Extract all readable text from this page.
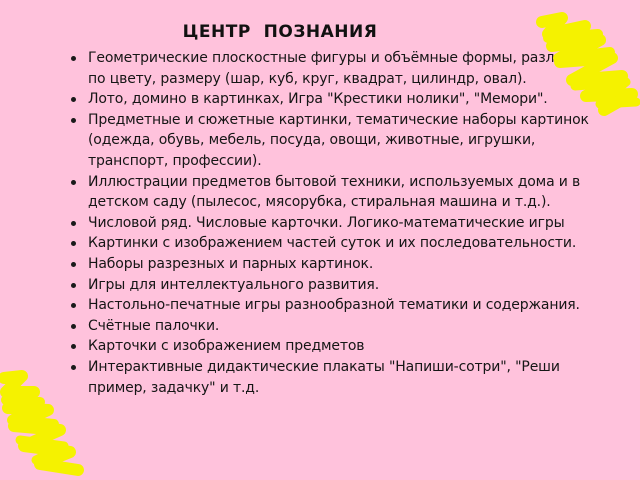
ЦЕНТР  ПОЗНАНИЯ
Геометрические плоскостные фигуры и объёмные формы, различные по цвету, размеру (шар, куб, круг, квадрат, цилиндр, овал).
Лото, домино в картинках, Игра "Крестики нолики", "Мемори".
Предметные и сюжетные картинки, тематические наборы картинок (одежда, обувь, мебель, посуда, овощи, животные, игрушки, транспорт, профессии).
Иллюстрации предметов бытовой техники, используемых дома и в детском саду (пылесос, мясорубка, стиральная машина и т.д.).
Числовой ряд. Числовые карточки. Логико-математические игры
Картинки с изображением частей суток и их последовательности.
Наборы разрезных и парных картинок.
Игры для интеллектуального развития.
Настольно-печатные игры разнообразной тематики и содержания.
Счётные палочки.
Карточки с изображением предметов
Интерактивные дидактические плакаты "Напиши-сотри", "Реши пример, задачку" и т.д.
